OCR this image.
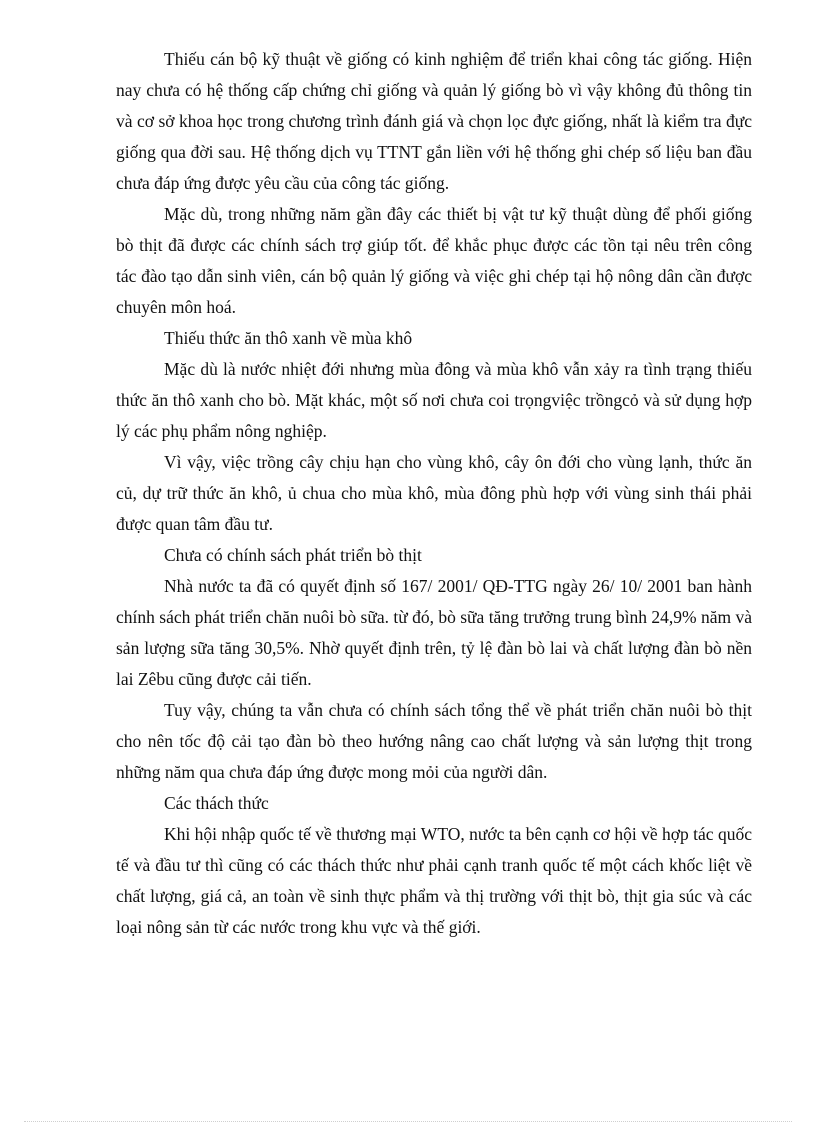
Thiếu cán bộ kỹ thuật về giống có kinh nghiệm để triển khai công tác giống. Hiện nay chưa có hệ thống cấp chứng chỉ giống và quản lý giống bò vì vậy không đủ thông tin và cơ sở khoa học trong chương trình đánh giá và chọn lọc đực giống, nhất là kiểm tra đực giống qua đời sau. Hệ thống dịch vụ TTNT gắn liền với hệ thống ghi chép số liệu ban đầu chưa đáp ứng được yêu cầu của công tác giống.

Mặc dù, trong những năm gần đây các thiết bị vật tư kỹ thuật dùng để phối giống bò thịt đã được các chính sách trợ giúp tốt. để khắc phục được các tồn tại nêu trên công tác đào tạo dẫn sinh viên, cán bộ quản lý giống và việc ghi chép tại hộ nông dân cần được chuyên môn hoá.

Thiếu thức ăn thô xanh về mùa khô

Mặc dù là nước nhiệt đới nhưng mùa đông và mùa khô vẫn xảy ra tình trạng thiếu thức ăn thô xanh cho bò. Mặt khác, một số nơi chưa coi trọngviệc trồngcỏ và sử dụng hợp lý các phụ phẩm nông nghiệp.

Vì vậy, việc trồng cây chịu hạn cho vùng khô, cây ôn đới cho vùng lạnh, thức ăn củ, dự trữ thức ăn khô, ủ chua cho mùa khô, mùa đông phù hợp với vùng sinh thái phải được quan tâm đầu tư.

Chưa có chính sách phát triển bò thịt

Nhà nước ta đã có quyết định số 167/ 2001/ QĐ-TTG ngày 26/ 10/ 2001 ban hành chính sách phát triển chăn nuôi bò sữa. từ đó, bò sữa tăng trưởng trung bình 24,9% năm và sản lượng sữa tăng 30,5%. Nhờ quyết định trên, tỷ lệ đàn bò lai và chất lượng đàn bò nền lai Zêbu cũng được cải tiến.

Tuy vậy, chúng ta vẫn chưa có chính sách tổng thể về phát triển chăn nuôi bò thịt cho nên tốc độ cải tạo đàn bò theo hướng nâng cao chất lượng và sản lượng thịt trong những năm qua chưa đáp ứng được mong mỏi của người dân.

Các thách thức

Khi hội nhập quốc tế về thương mại WTO, nước ta bên cạnh cơ hội về hợp tác quốc tế và đầu tư thì cũng có các thách thức như phải cạnh tranh quốc tế một cách khốc liệt về chất lượng, giá cả, an toàn về sinh thực phẩm và thị trường với thịt bò, thịt gia súc và các loại nông sản từ các nước trong khu vực và thế giới.
